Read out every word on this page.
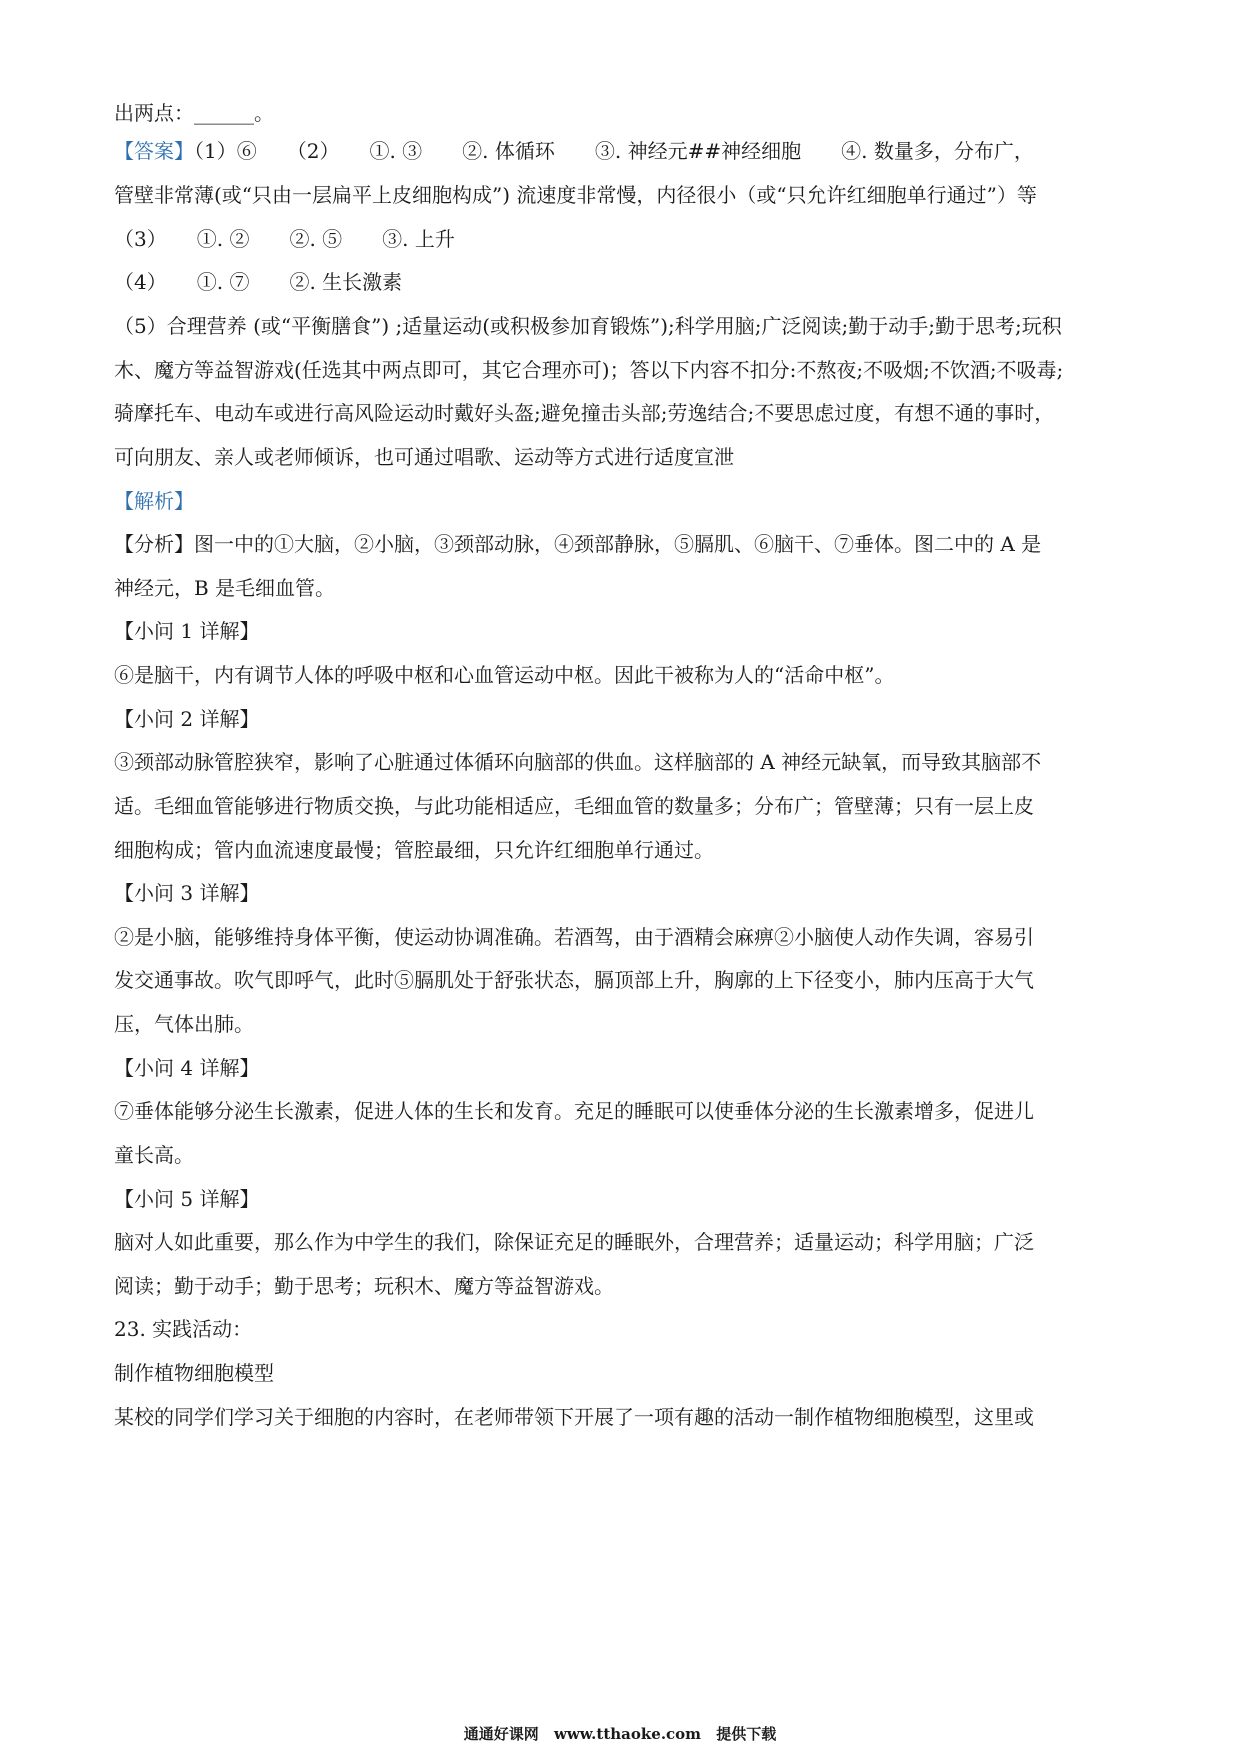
出两点：______。
【答案】（1）⑥　　（2）　　①. ③　　②. 体循环　　③. 神经元##神经细胞　　④. 数量多，分布广，
管壁非常薄(或“只由一层扁平上皮细胞构成”) 流速度非常慢，内径很小（或“只允许红细胞单行通过”）等
（3）　　①. ②　　②. ⑤　　③. 上升
（4）　　①. ⑦　　②. 生长激素
（5）合理营养 (或“平衡膳食”) ;适量运动(或积极参加育锻炼”);科学用脑;广泛阅读;勤于动手;勤于思考;玩积
木、魔方等益智游戏(任选其中两点即可，其它合理亦可)；答以下内容不扣分:不熬夜;不吸烟;不饮酒;不吸毒;
骑摩托车、电动车或进行高风险运动时戴好头盔;避免撞击头部;劳逸结合;不要思虑过度，有想不通的事时，
可向朋友、亲人或老师倾诉，也可通过唱歌、运动等方式进行适度宣泄
【解析】
【分析】图一中的①大脑，②小脑，③颈部动脉，④颈部静脉，⑤膈肌、⑥脑干、⑦垂体。图二中的 A 是
神经元，B 是毛细血管。
【小问 1 详解】
⑥是脑干，内有调节人体的呼吸中枢和心血管运动中枢。因此干被称为人的“活命中枢”。
【小问 2 详解】
③颈部动脉管腔狭窄，影响了心脏通过体循环向脑部的供血。这样脑部的 A 神经元缺氧，而导致其脑部不
适。毛细血管能够进行物质交换，与此功能相适应，毛细血管的数量多；分布广；管壁薄；只有一层上皮
细胞构成；管内血流速度最慢；管腔最细，只允许红细胞单行通过。
【小问 3 详解】
②是小脑，能够维持身体平衡，使运动协调准确。若酒驾，由于酒精会麻痹②小脑使人动作失调，容易引
发交通事故。吹气即呼气，此时⑤膈肌处于舒张状态，膈顶部上升，胸廓的上下径变小，肺内压高于大气
压，气体出肺。
【小问 4 详解】
⑦垂体能够分泌生长激素，促进人体的生长和发育。充足的睡眠可以使垂体分泌的生长激素增多，促进儿
童长高。
【小问 5 详解】
脑对人如此重要，那么作为中学生的我们，除保证充足的睡眠外，合理营养；适量运动；科学用脑；广泛
阅读；勤于动手；勤于思考；玩积木、魔方等益智游戏。
23. 实践活动：
制作植物细胞模型
某校的同学们学习关于细胞的内容时，在老师带领下开展了一项有趣的活动一制作植物细胞模型，这里或
通通好课网 www.tthaoke.com 提供下载
